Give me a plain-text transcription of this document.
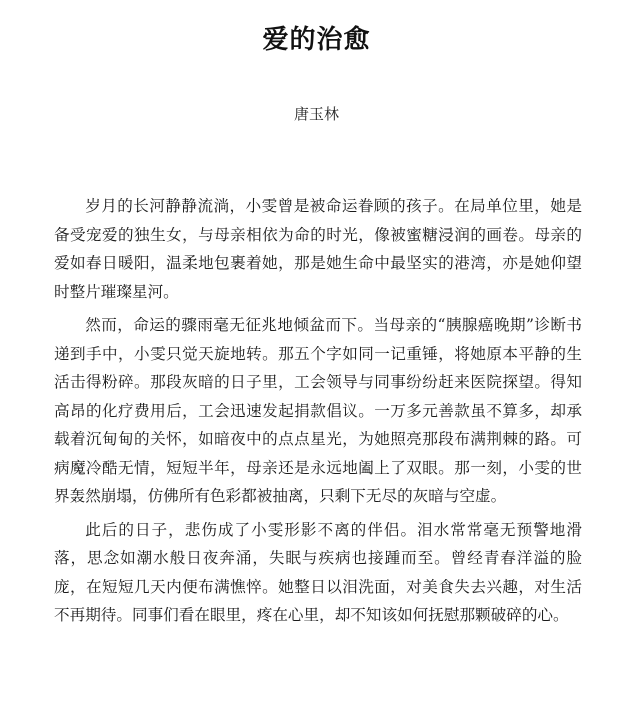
爱的治愈

唐玉林

岁月的长河静静流淌，小雯曾是被命运眷顾的孩子。在局单位里，她是备受宠爱的独生女，与母亲相依为命的时光，像被蜜糖浸润的画卷。母亲的爱如春日暖阳，温柔地包裹着她，那是她生命中最坚实的港湾，亦是她仰望时整片璀璨星河。

然而，命运的骤雨毫无征兆地倾盆而下。当母亲的“胰腺癌晚期”诊断书递到手中，小雯只觉天旋地转。那五个字如同一记重锤，将她原本平静的生活击得粉碎。那段灰暗的日子里，工会领导与同事纷纷赶来医院探望。得知高昂的化疗费用后，工会迅速发起捐款倡议。一万多元善款虽不算多，却承载着沉甸甸的关怀，如暗夜中的点点星光，为她照亮那段布满荆棘的路。可病魔冷酷无情，短短半年，母亲还是永远地阖上了双眼。那一刻，小雯的世界轰然崩塌，仿佛所有色彩都被抽离，只剩下无尽的灰暗与空虚。

此后的日子，悲伤成了小雯形影不离的伴侣。泪水常常毫无预警地滑落，思念如潮水般日夜奔涌，失眠与疾病也接踵而至。曾经青春洋溢的脸庞，在短短几天内便布满憔悴。她整日以泪洗面，对美食失去兴趣，对生活不再期待。同事们看在眼里，疼在心里，却不知该如何抚慰那颗破碎的心。
